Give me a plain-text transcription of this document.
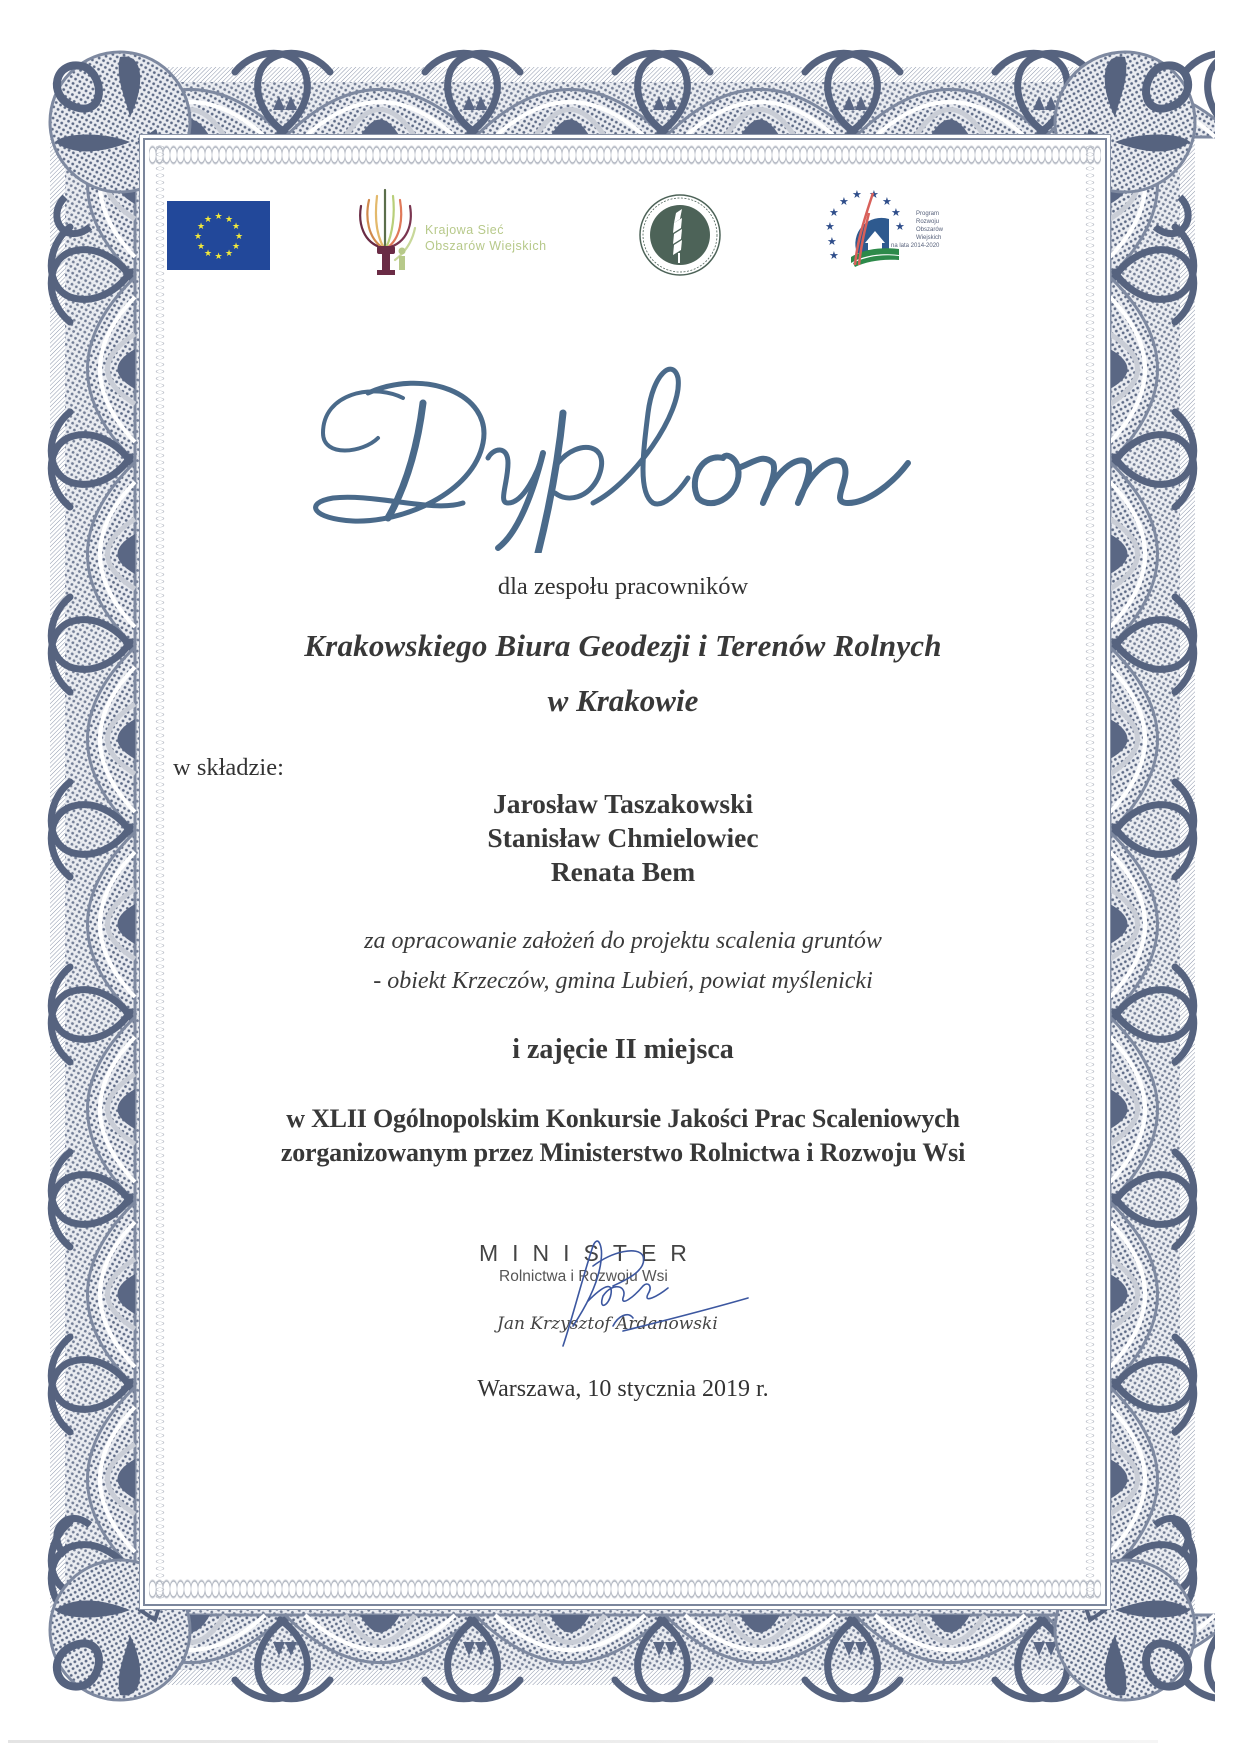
★ ★
★
★
★
★
★
★
★
★
★
★
Krajowa Sieć
Obszarów Wiejskich	★
★
★
★
★ ★
★
★
★
★
Program
Rozwoju
Obszarów
Wiejskich
na lata 2014-2020
dla zespołu pracowników
Krakowskiego Biura Geodezji i Terenów Rolnych
w Krakowie
w składzie:
Jarosław Taszakowski
Stanisław Chmielowiec
Renata Bem
za opracowanie założeń do projektu scalenia gruntów
- obiekt Krzeczów, gmina Lubień, powiat myślenicki
i zajęcie II miejsca
w XLII Ogólnopolskim Konkursie Jakości Prac Scaleniowych
zorganizowanym przez Ministerstwo Rolnictwa i Rozwoju Wsi
MINISTER
Rolnictwa i Rozwoju Wsi
Jan Krzysztof Ardanowski
Warszawa, 10 stycznia 2019 r.
